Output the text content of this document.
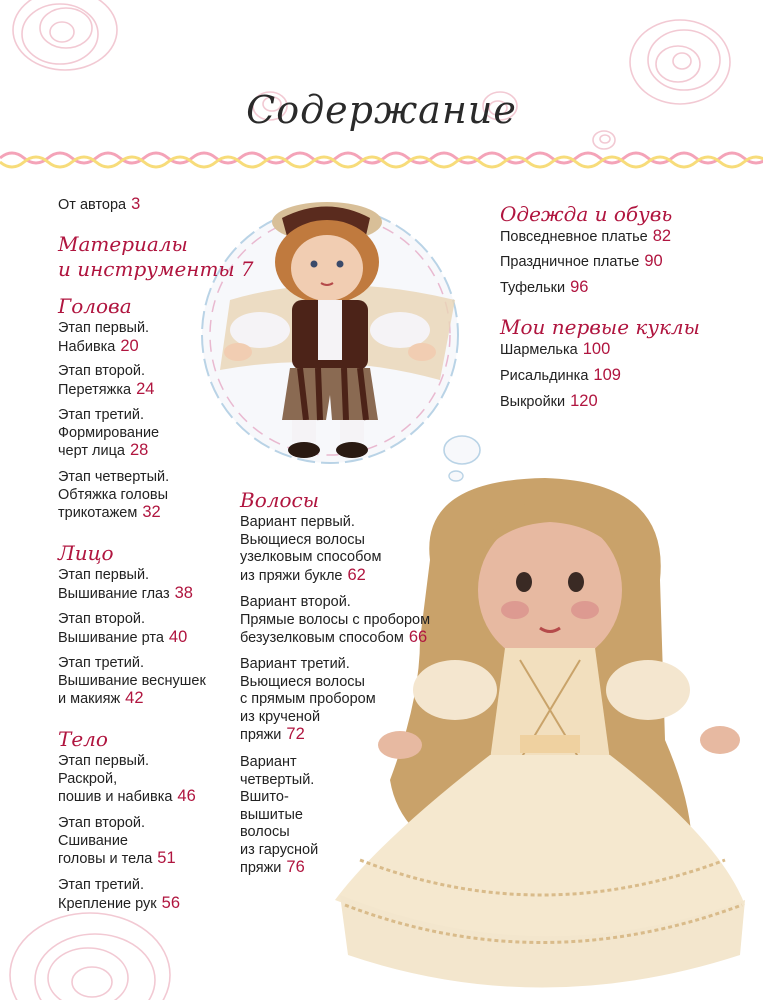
Содержание
От автора 3
Материалы
и инструменты 7
Голова
Этап первый.
Набивка 20
Этап второй.
Перетяжка 24
Этап третий.
Формирование
черт лица 28
Этап четвертый.
Обтяжка головы
трикотажем 32
Лицо
Этап первый.
Вышивание глаз 38
Этап второй.
Вышивание рта 40
Этап третий.
Вышивание веснушек
и макияж 42
Тело
Этап первый.
Раскрой,
пошив и набивка 46
Этап второй.
Сшивание
головы и тела 51
Этап третий.
Крепление рук 56
Волосы
Вариант первый.
Вьющиеся волосы
узелковым способом
из пряжи букле 62
Вариант второй.
Прямые волосы с пробором
безузелковым способом 66
Вариант третий.
Вьющиеся волосы
с прямым пробором
из крученой
пряжи 72
Вариант
четвертый.
Вшито-
вышитые
волосы
из гарусной
пряжи 76
Одежда и обувь
Повседневное платье 82
Праздничное платье 90
Туфельки 96
Мои первые куклы
Шармелька 100
Рисальдинка 109
Выкройки 120
